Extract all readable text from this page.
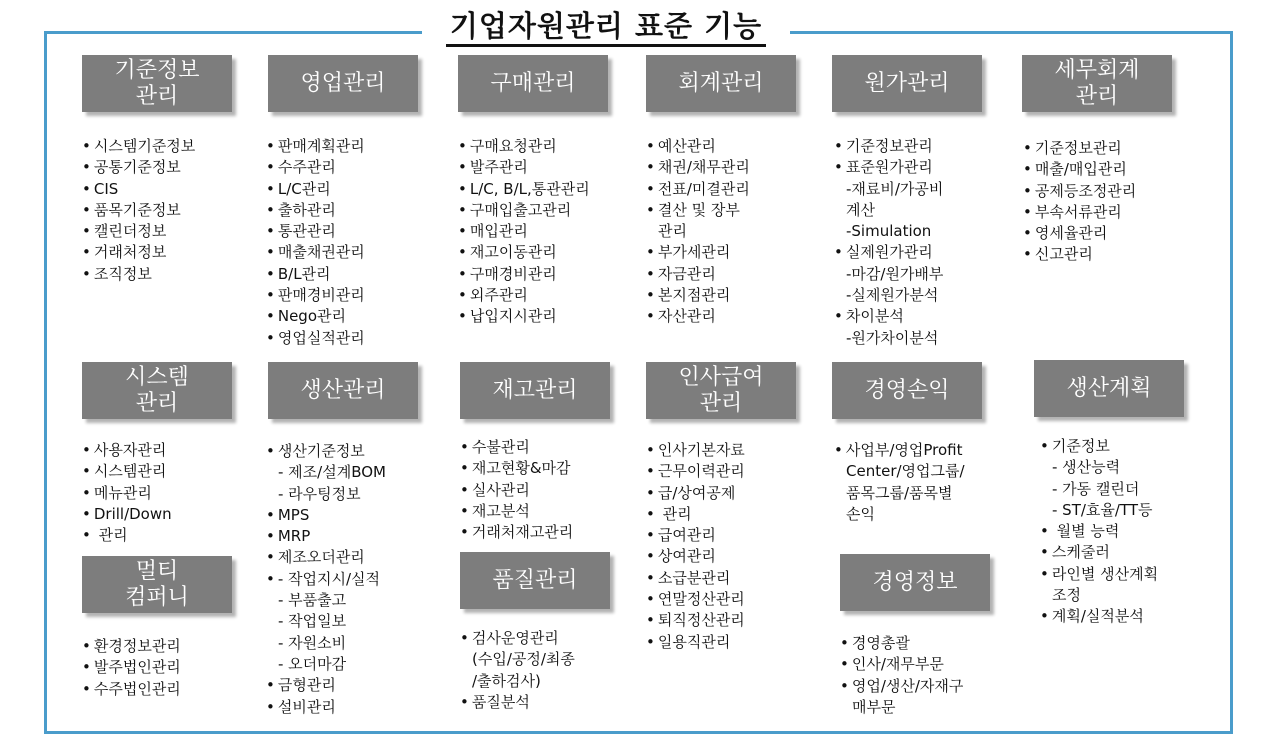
기업자원관리 표준 기능
기준정보
관리
• 시스템기준정보
• 공통기준정보
• CIS
• 품목기준정보
• 캘린더정보
• 거래처정보
• 조직정보
영업관리
• 판매계획관리
• 수주관리
• L/C관리
• 출하관리
• 통관관리
• 매출채권관리
• B/L관리
• 판매경비관리
• Nego관리
• 영업실적관리
구매관리
• 구매요청관리
• 발주관리
• L/C, B/L,통관관리
• 구매입출고관리
• 매입관리
• 재고이동관리
• 구매경비관리
• 외주관리
• 납입지시관리
회계관리
• 예산관리
• 채권/채무관리
• 전표/미결관리
• 결산 및 장부
관리
• 부가세관리
• 자금관리
• 본지점관리
• 자산관리
원가관리
• 기준정보관리
• 표준원가관리
-재료비/가공비
계산
-Simulation
• 실제원가관리
-마감/원가배부
-실제원가분석
• 차이분석
-원가차이분석
세무회계
관리
• 기준정보관리
• 매출/매입관리
• 공제등조정관리
• 부속서류관리
• 영세율관리
• 신고관리
시스템
관리
• 사용자관리
• 시스템관리
• 메뉴관리
• Drill/Down
• 관리
생산관리
• 생산기준정보
- 제조/설계BOM
- 라우팅정보
• MPS
• MRP
• 제조오더관리
• - 작업지시/실적
- 부품출고
- 작업일보
- 자원소비
- 오더마감
• 금형관리
• 설비관리
재고관리
• 수불관리
• 재고현황&마감
• 실사관리
• 재고분석
• 거래처재고관리
인사급여
관리
• 인사기본자료
• 근무이력관리
• 급/상여공제
• 관리
• 급여관리
• 상여관리
• 소급분관리
• 연말정산관리
• 퇴직정산관리
• 일용직관리
경영손익
• 사업부/영업Profit
Center/영업그룹/
품목그룹/품목별
손익
생산계획
• 기준정보
- 생산능력
- 가동 캘린더
- ST/효율/TT등
• 월별 능력
• 스케줄러
• 라인별 생산계획
조정
• 계획/실적분석
멀티
컴퍼니
• 환경정보관리
• 발주법인관리
• 수주법인관리
품질관리
• 검사운영관리
(수입/공정/최종
/출하검사)
• 품질분석
경영정보
• 경영총괄
• 인사/재무부문
• 영업/생산/자재구
매부문
